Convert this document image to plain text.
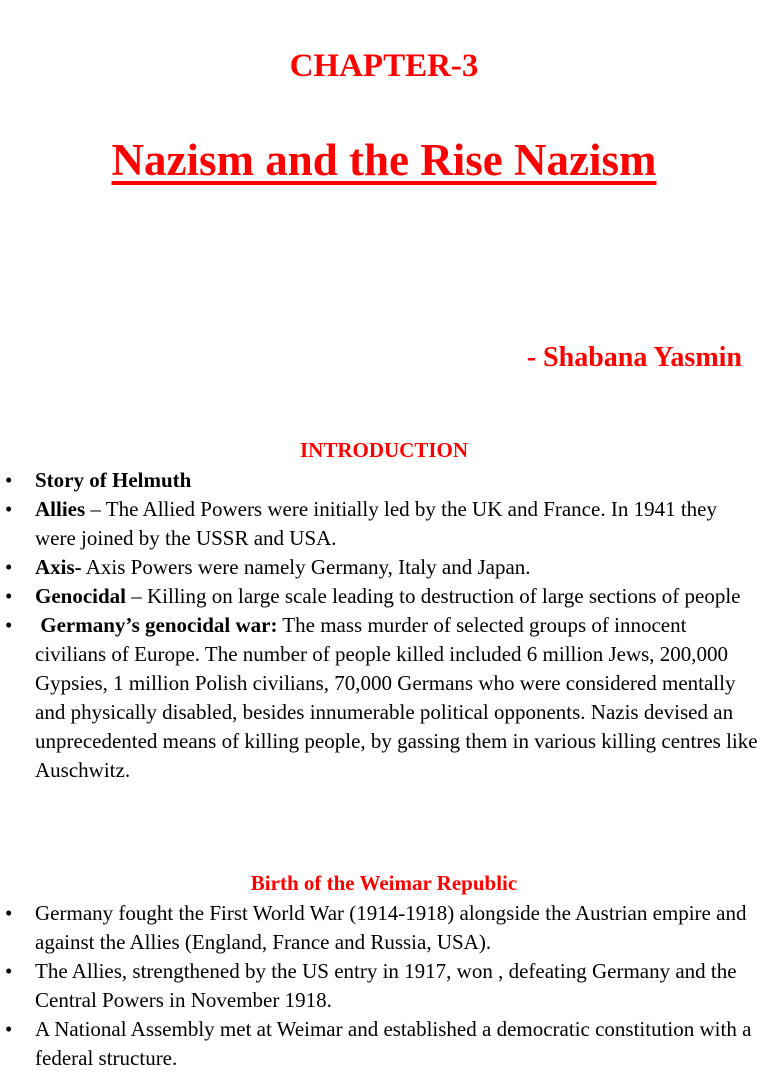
CHAPTER-3
Nazism and the Rise Nazism
- Shabana Yasmin
INTRODUCTION
• Story of Helmuth
• Allies – The Allied Powers were initially led by the UK and France. In 1941 they were joined by the USSR and USA.
• Axis- Axis Powers were namely Germany, Italy and Japan.
• Genocidal – Killing on large scale leading to destruction of large sections of people
•  Germany’s genocidal war: The mass murder of selected groups of innocent civilians of Europe. The number of people killed included 6 million Jews, 200,000 Gypsies, 1 million Polish civilians, 70,000 Germans who were considered mentally and physically disabled, besides innumerable political opponents. Nazis devised an unprecedented means of killing people, by gassing them in various killing centres like Auschwitz.
Birth of the Weimar Republic
• Germany fought the First World War (1914-1918) alongside the Austrian empire and against the Allies (England, France and Russia, USA).
• The Allies, strengthened by the US entry in 1917, won , defeating Germany and the Central Powers in November 1918.
• A National Assembly met at Weimar and established a democratic constitution with a federal structure.
